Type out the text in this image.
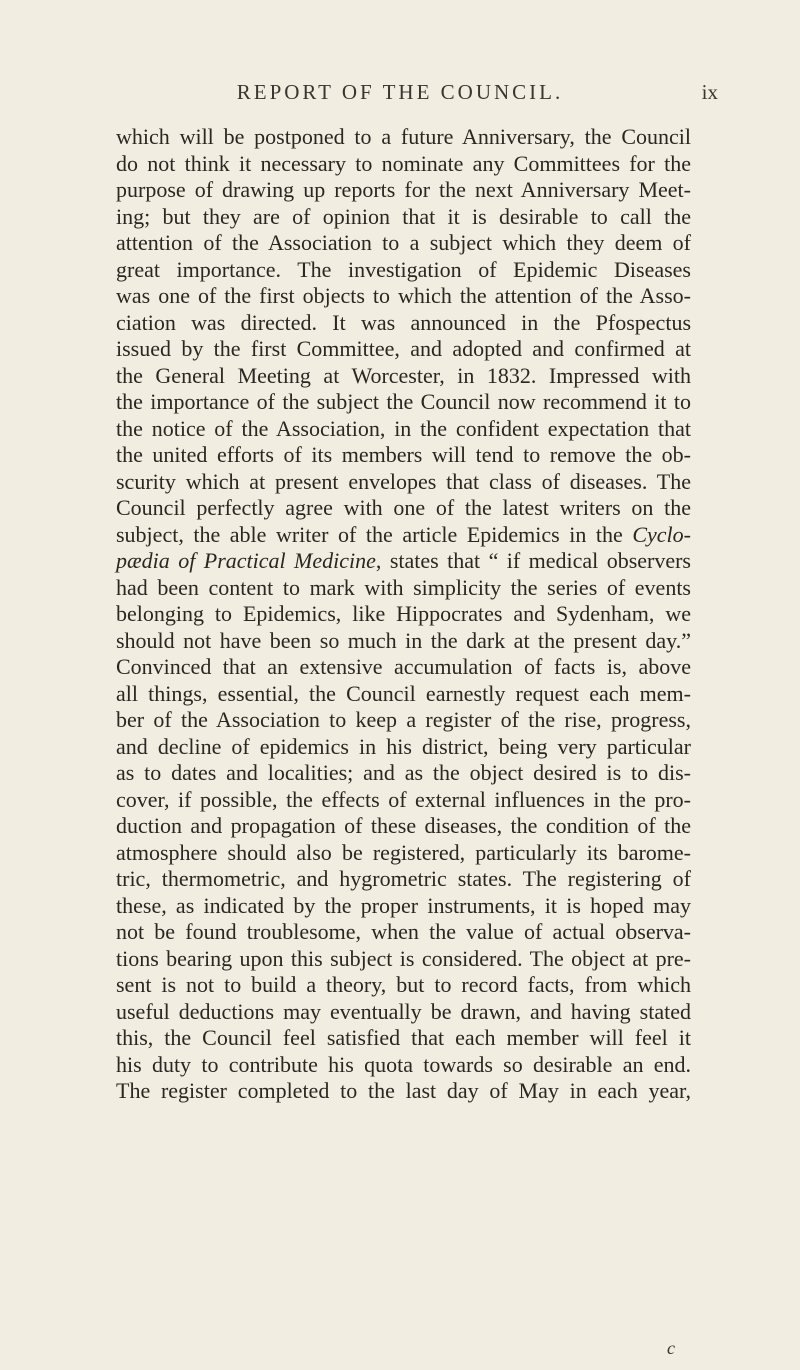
REPORT OF THE COUNCIL.	ix
which will be postponed to a future Anniversary, the Council
do not think it necessary to nominate any Committees for the
purpose of drawing up reports for the next Anniversary Meet-
ing; but they are of opinion that it is desirable to call the
attention of the Association to a subject which they deem of
great importance. The investigation of Epidemic Diseases
was one of the first objects to which the attention of the Asso-
ciation was directed. It was announced in the Pfospectus
issued by the first Committee, and adopted and confirmed at
the General Meeting at Worcester, in 1832. Impressed with
the importance of the subject the Council now recommend it to
the notice of the Association, in the confident expectation that
the united efforts of its members will tend to remove the ob-
scurity which at present envelopes that class of diseases. The
Council perfectly agree with one of the latest writers on the
subject, the able writer of the article Epidemics in the Cyclo-
pædia of Practical Medicine, states that “ if medical observers
had been content to mark with simplicity the series of events
belonging to Epidemics, like Hippocrates and Sydenham, we
should not have been so much in the dark at the present day.”
Convinced that an extensive accumulation of facts is, above
all things, essential, the Council earnestly request each mem-
ber of the Association to keep a register of the rise, progress,
and decline of epidemics in his district, being very particular
as to dates and localities; and as the object desired is to dis-
cover, if possible, the effects of external influences in the pro-
duction and propagation of these diseases, the condition of the
atmosphere should also be registered, particularly its barome-
tric, thermometric, and hygrometric states. The registering of
these, as indicated by the proper instruments, it is hoped may
not be found troublesome, when the value of actual observa-
tions bearing upon this subject is considered. The object at pre-
sent is not to build a theory, but to record facts, from which
useful deductions may eventually be drawn, and having stated
this, the Council feel satisfied that each member will feel it
his duty to contribute his quota towards so desirable an end.
The register completed to the last day of May in each year,
c
